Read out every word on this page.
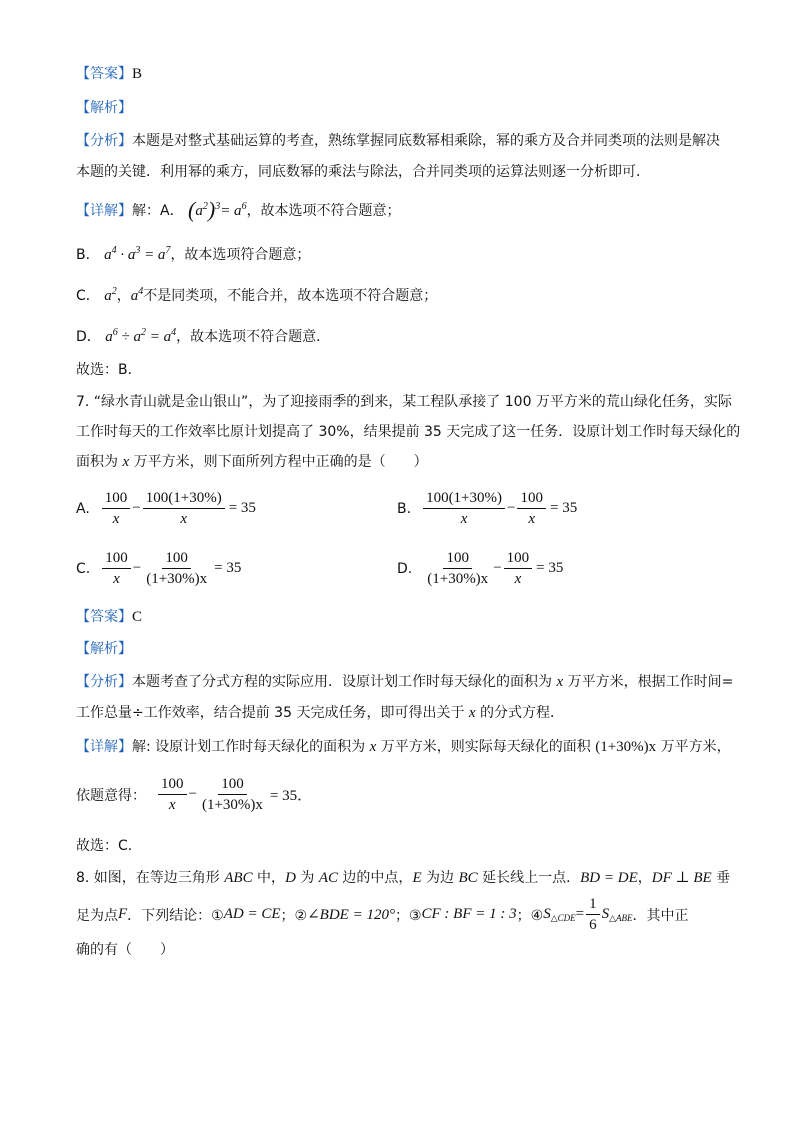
【答案】B
【解析】
【分析】本题是对整式基础运算的考查，熟练掌握同底数幂相乘除，幂的乘方及合并同类项的法则是解决
本题的关键．利用幂的乘方，同底数幂的乘法与除法，合并同类项的运算法则逐一分析即可．
【详解】解：A． $(a^2)^3= a^6$，故本选项不符合题意；
B． $a^4 \cdot a^3 = a^7$，故本选项符合题意；
C． $a^2$，$a^4$不是同类项，不能合并，故本选项不符合题意；
D． $a^6 \div a^2 = a^4$，故本选项不符合题意．
故选：B．
7. “绿水青山就是金山银山”，为了迎接雨季的到来，某工程队承接了 100 万平方米的荒山绿化任务，实际
工作时每天的工作效率比原计划提高了 30%，结果提前 35 天完成了这一任务．设原计划工作时每天绿化的
面积为 x 万平方米，则下面所列方程中正确的是（　　）
A. $\frac{100}{x} - \frac{100(1+30\%)}{x} = 35$	B. $\frac{100(1+30\%)}{x} - \frac{100}{x} = 35$
C. $\frac{100}{x} - \frac{100}{(1+30\%)x} = 35$	D. $\frac{100}{(1+30\%)x} - \frac{100}{x} = 35$
【答案】C
【解析】
【分析】本题考查了分式方程的实际应用．设原计划工作时每天绿化的面积为 x 万平方米，根据工作时间=
工作总量÷工作效率，结合提前 35 天完成任务，即可得出关于 x 的分式方程．
【详解】解: 设原计划工作时每天绿化的面积为 x 万平方米，则实际每天绿化的面积 (1+30%)x 万平方米，
依题意得： $\frac{100}{x} - \frac{100}{(1+30\%)x} = 35$．
故选：C．
8. 如图，在等边三角形 ABC 中，D 为 AC 边的中点，E 为边 BC 延长线上一点．BD = DE，DF ⊥ BE 垂
足为点 F ．下列结论：① AD = CE ；② ∠BDE = 120° ；③ CF : BF = 1 : 3 ；④ $S_{\triangle CDE} = \frac{1}{6} S_{\triangle ABE}$ ．其中正
确的有（　　）
